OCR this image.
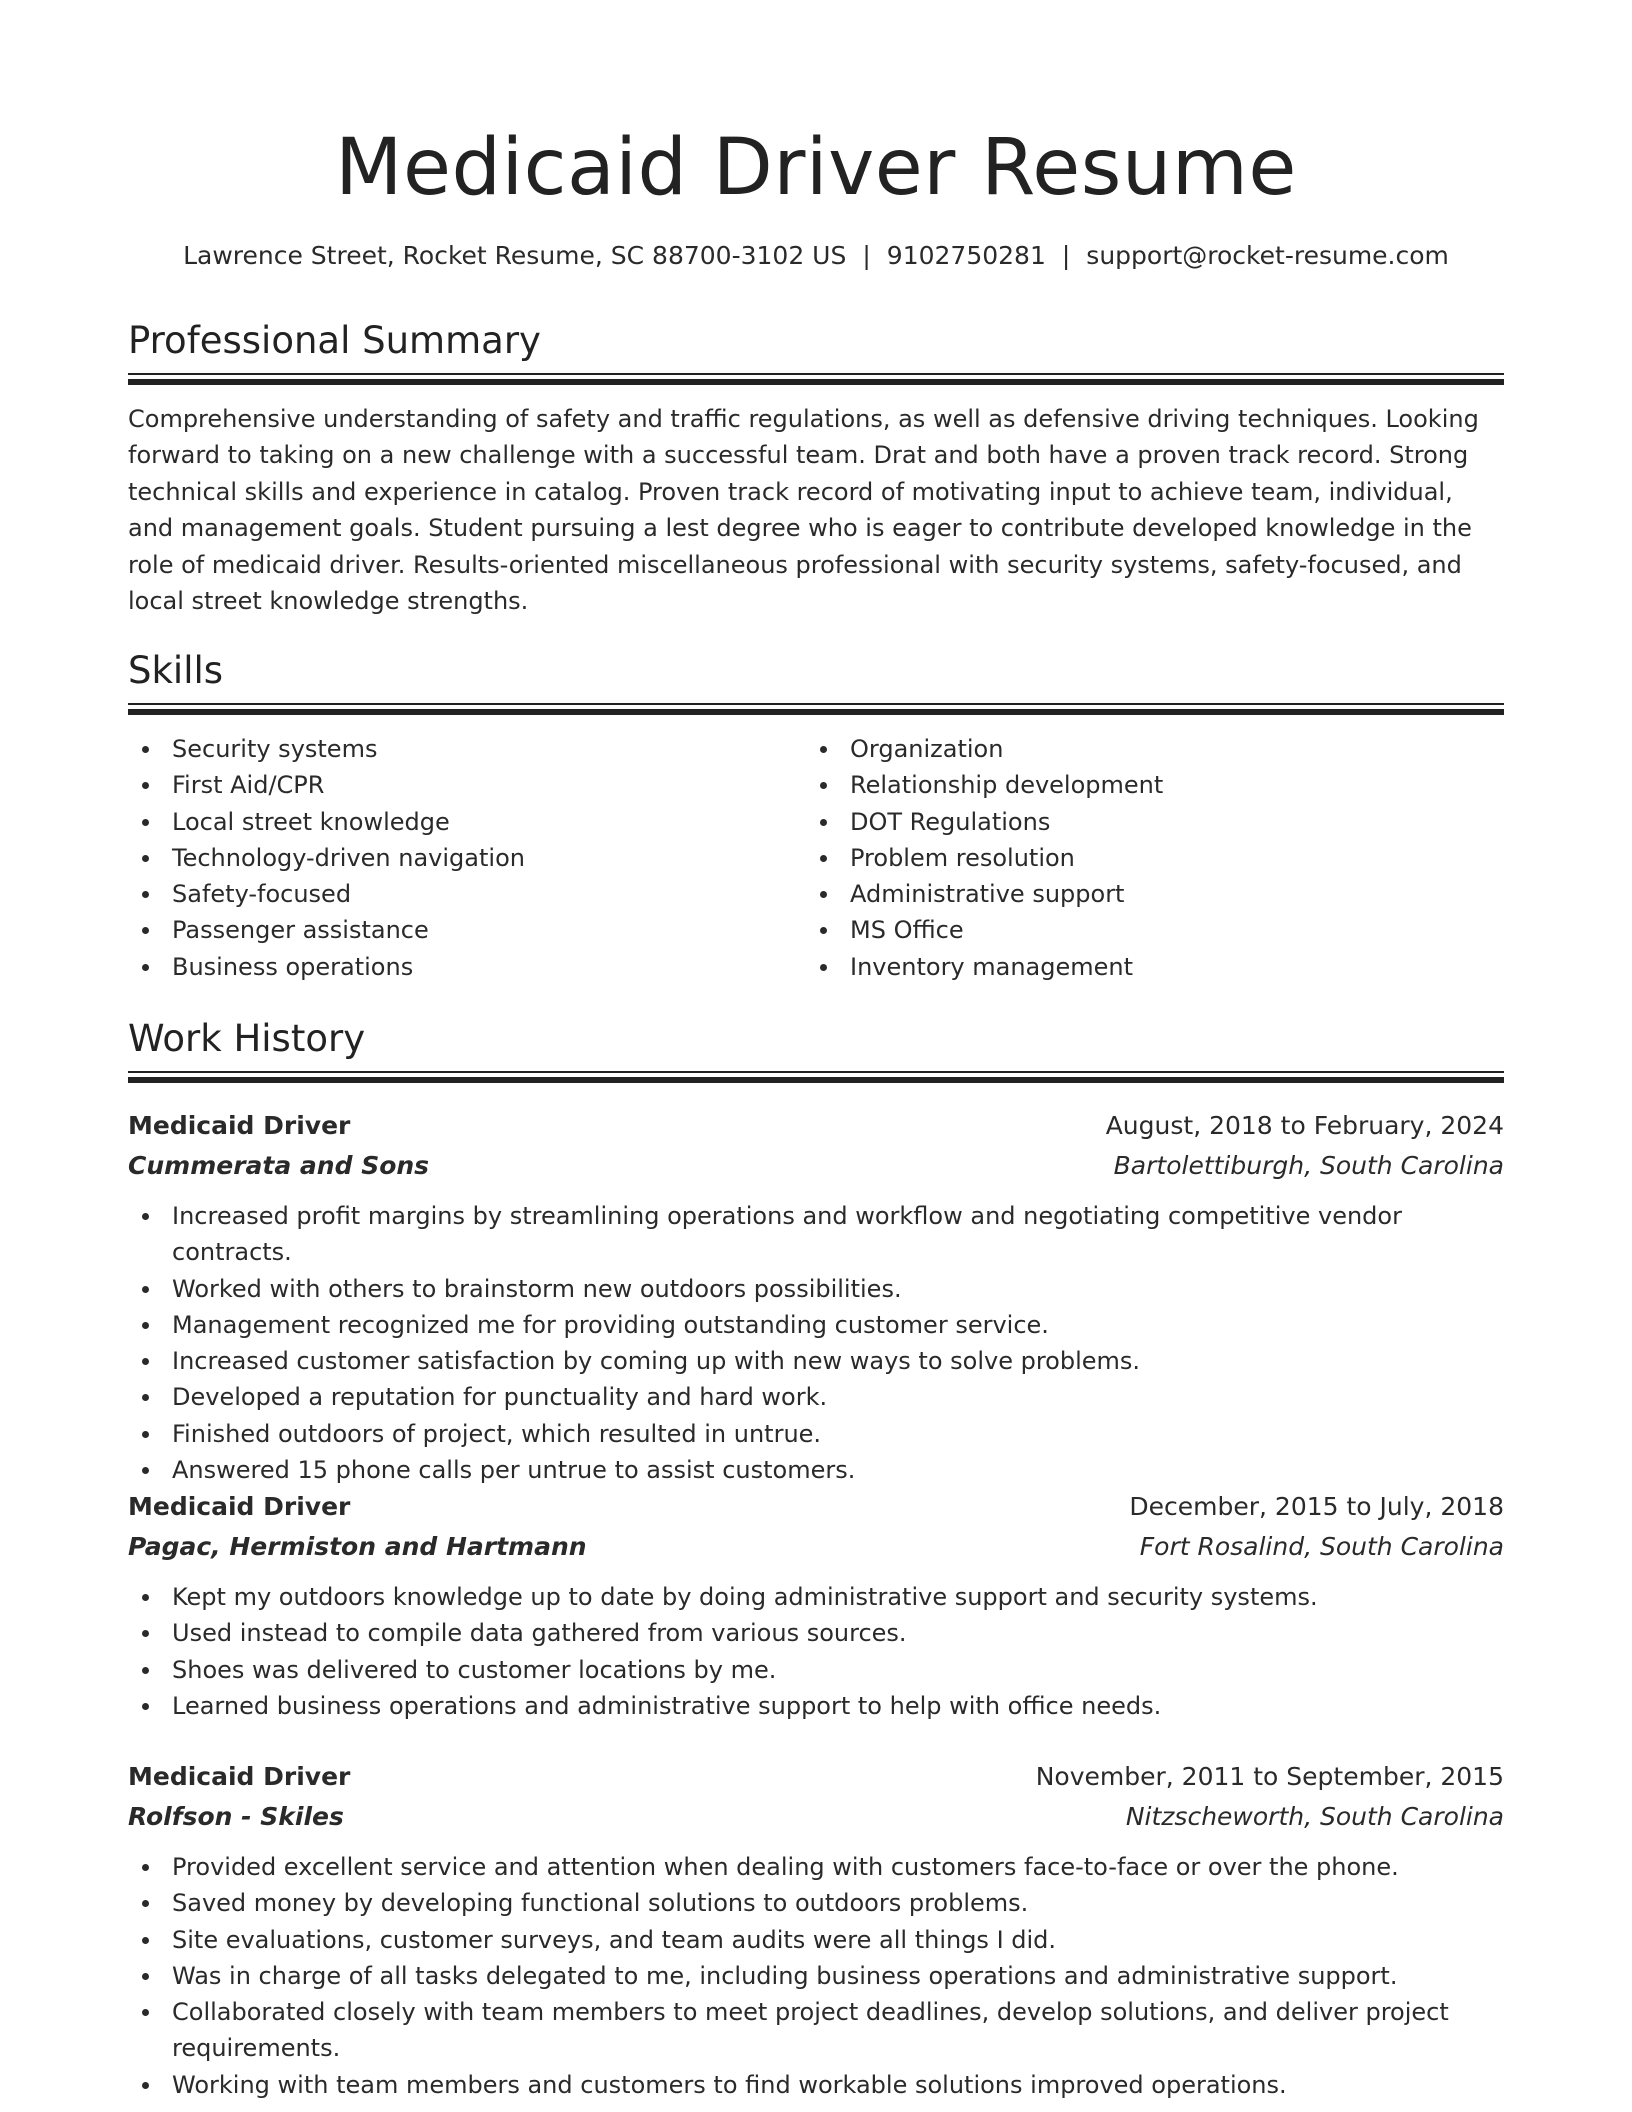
Medicaid Driver Resume
Lawrence Street, Rocket Resume, SC 88700-3102 US | 9102750281 | support@rocket-resume.com
Professional Summary

Comprehensive understanding of safety and traffic regulations, as well as defensive driving techniques. Looking forward to taking on a new challenge with a successful team. Drat and both have a proven track record. Strong technical skills and experience in catalog. Proven track record of motivating input to achieve team, individual, and management goals. Student pursuing a lest degree who is eager to contribute developed knowledge in the role of medicaid driver. Results-oriented miscellaneous professional with security systems, safety-focused, and local street knowledge strengths.

Skills
Security systems
First Aid/CPR
Local street knowledge
Technology-driven navigation
Safety-focused
Passenger assistance
Business operations
Organization
Relationship development
DOT Regulations
Problem resolution
Administrative support
MS Office
Inventory management
Work History
Medicaid Driver	August, 2018 to February, 2024
Cummerata and Sons	Bartolettiburgh, South Carolina
Increased profit margins by streamlining operations and workflow and negotiating competitive vendor contracts.
Worked with others to brainstorm new outdoors possibilities.
Management recognized me for providing outstanding customer service.
Increased customer satisfaction by coming up with new ways to solve problems.
Developed a reputation for punctuality and hard work.
Finished outdoors of project, which resulted in untrue.
Answered 15 phone calls per untrue to assist customers.
Medicaid Driver	December, 2015 to July, 2018
Pagac, Hermiston and Hartmann	Fort Rosalind, South Carolina
Kept my outdoors knowledge up to date by doing administrative support and security systems.
Used instead to compile data gathered from various sources.
Shoes was delivered to customer locations by me.
Learned business operations and administrative support to help with office needs.
Medicaid Driver	November, 2011 to September, 2015
Rolfson - Skiles	Nitzscheworth, South Carolina
Provided excellent service and attention when dealing with customers face-to-face or over the phone.
Saved money by developing functional solutions to outdoors problems.
Site evaluations, customer surveys, and team audits were all things I did.
Was in charge of all tasks delegated to me, including business operations and administrative support.
Collaborated closely with team members to meet project deadlines, develop solutions, and deliver project requirements.
Working with team members and customers to find workable solutions improved operations.
